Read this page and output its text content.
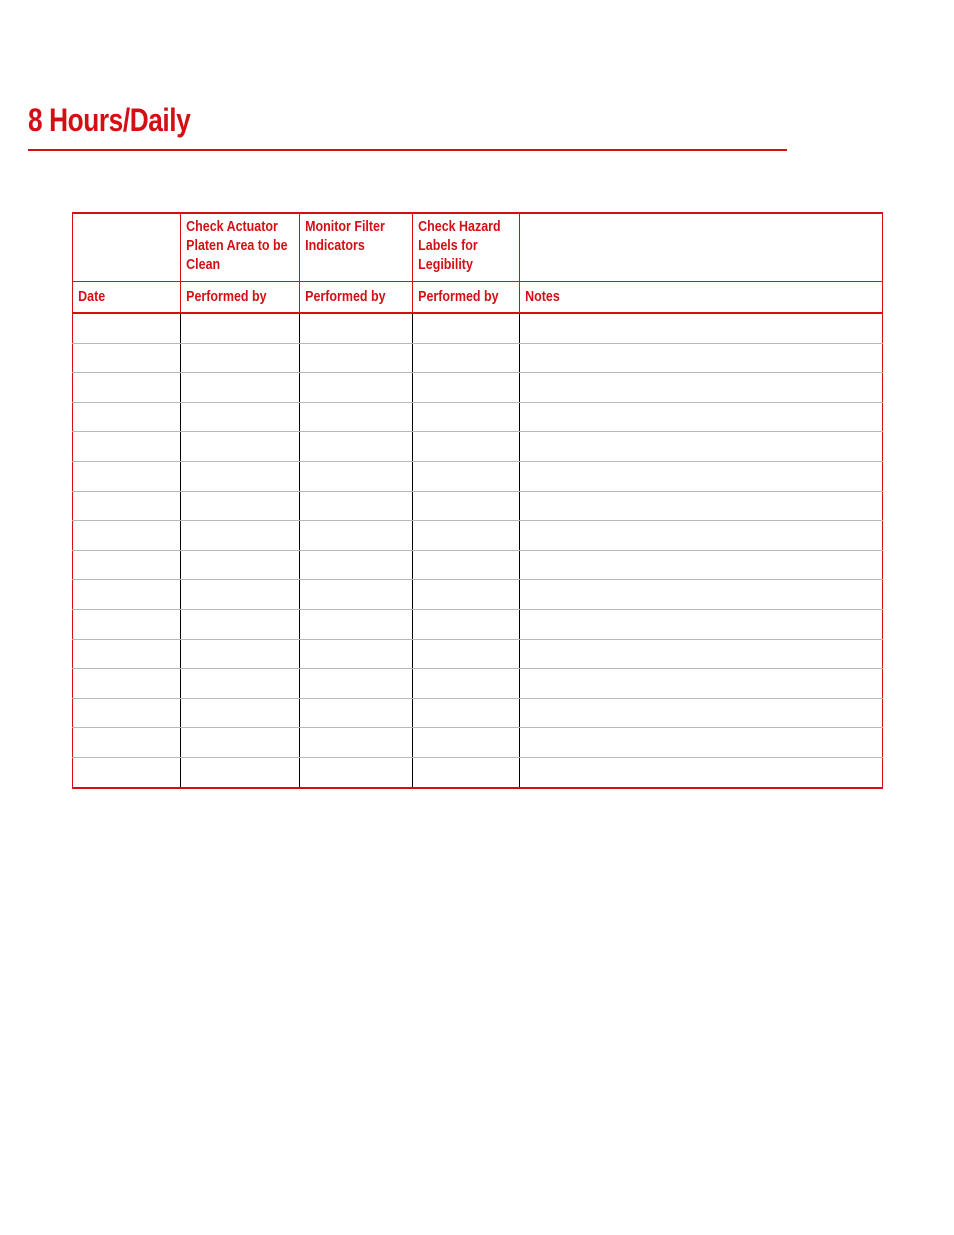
8 Hours/Daily

	Check Actuator Platen Area to be Clean	Monitor Filter Indicators	Check Hazard Labels for Legibility	

Date	Performed by	Performed by	Performed by	Notes
